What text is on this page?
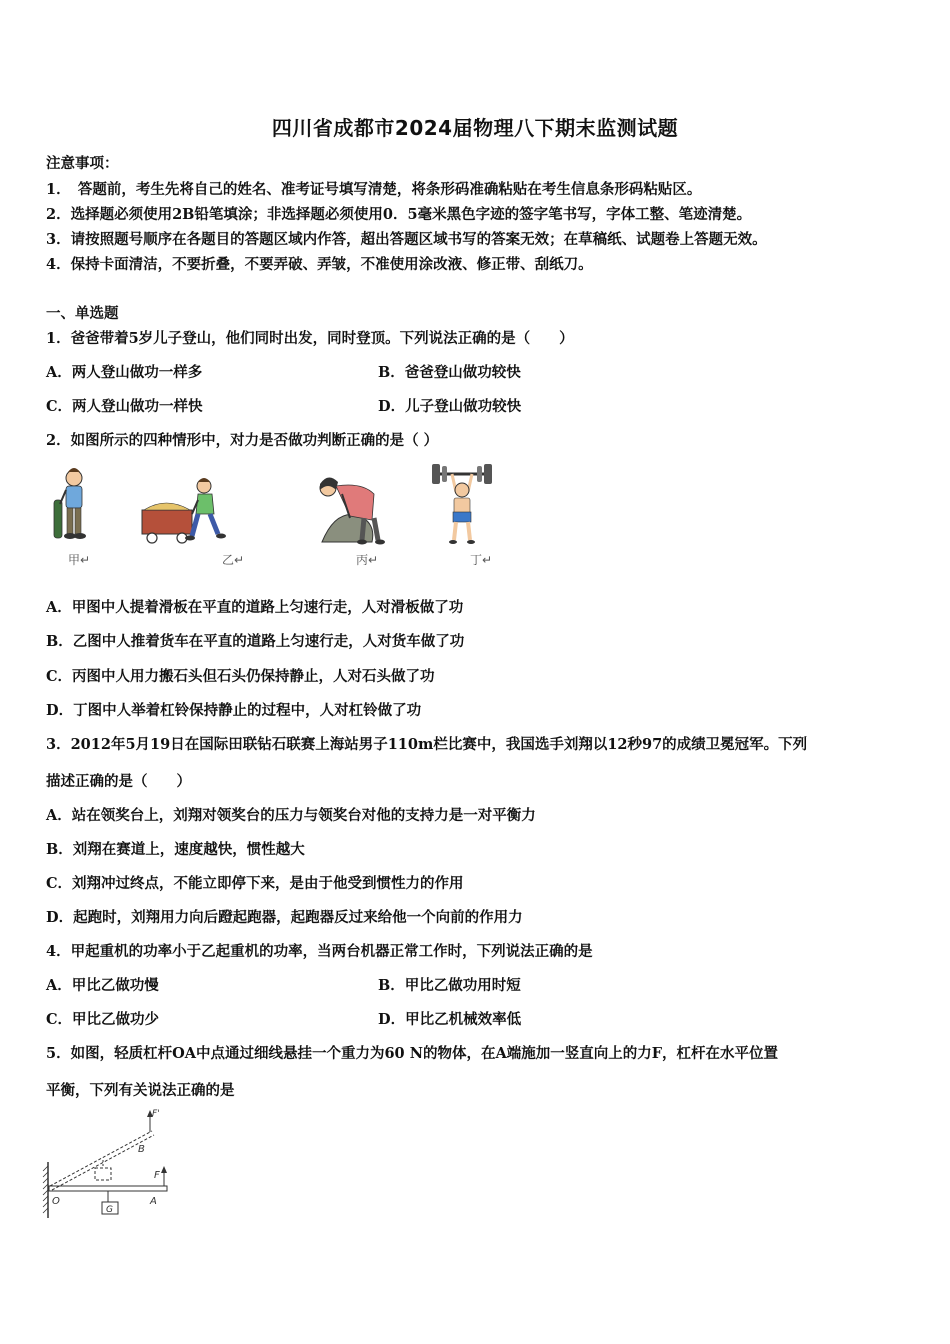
四川省成都市2024届物理八下期末监测试题
注意事项：
1．　答题前，考生先将自己的姓名、准考证号填写清楚，将条形码准确粘贴在考生信息条形码粘贴区。
2．选择题必须使用2B铅笔填涂；非选择题必须使用0．5毫米黑色字迹的签字笔书写，字体工整、笔迹清楚。
3．请按照题号顺序在各题目的答题区域内作答，超出答题区域书写的答案无效；在草稿纸、试题卷上答题无效。
4．保持卡面清洁，不要折叠，不要弄破、弄皱，不准使用涂改液、修正带、刮纸刀。
一、单选题
1．爸爸带着5岁儿子登山，他们同时出发，同时登顶。下列说法正确的是（　　）
A．两人登山做功一样多	B．爸爸登山做功较快
C．两人登山做功一样快	D．儿子登山做功较快
2．如图所示的四种情形中，对力是否做功判断正确的是（ ）
甲↵	乙↵	丙↵	丁↵
A．甲图中人提着滑板在平直的道路上匀速行走，人对滑板做了功
B．乙图中人推着货车在平直的道路上匀速行走，人对货车做了功
C．丙图中人用力搬石头但石头仍保持静止，人对石头做了功
D．丁图中人举着杠铃保持静止的过程中，人对杠铃做了功
3．2012年5月19日在国际田联钻石联赛上海站男子110m栏比赛中，我国选手刘翔以12秒97的成绩卫冕冠军。下列
描述正确的是（　　）
A．站在领奖台上，刘翔对领奖台的压力与领奖台对他的支持力是一对平衡力
B．刘翔在赛道上，速度越快，惯性越大
C．刘翔冲过终点，不能立即停下来，是由于他受到惯性力的作用
D．起跑时，刘翔用力向后蹬起跑器，起跑器反过来给他一个向前的作用力
4．甲起重机的功率小于乙起重机的功率，当两台机器正常工作时，下列说法正确的是
A．甲比乙做功慢	B．甲比乙做功用时短
C．甲比乙做功少	D．甲比乙机械效率低
5．如图，轻质杠杆OA中点通过细线悬挂一个重力为60 N的物体，在A端施加一竖直向上的力F，杠杆在水平位置
平衡，下列有关说法正确的是
G
F
F'
B
O	A
